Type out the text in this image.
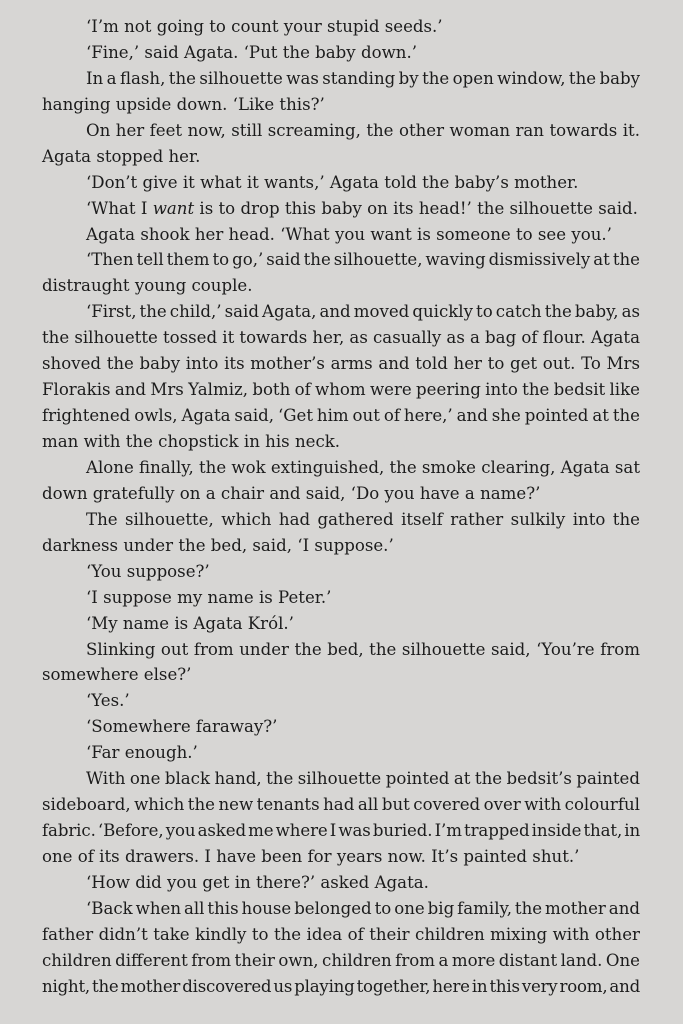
‘I’m not going to count your stupid seeds.’
‘Fine,’ said Agata. ‘Put the baby down.’
In a flash, the silhouette was standing by the open window, the baby
hanging upside down. ‘Like this?’
On her feet now, still screaming, the other woman ran towards it.
Agata stopped her.
‘Don’t give it what it wants,’ Agata told the baby’s mother.
‘What I want is to drop this baby on its head!’ the silhouette said.
Agata shook her head. ‘What you want is someone to see you.’
‘Then tell them to go,’ said the silhouette, waving dismissively at the
distraught young couple.
‘First, the child,’ said Agata, and moved quickly to catch the baby, as
the silhouette tossed it towards her, as casually as a bag of flour. Agata
shoved the baby into its mother’s arms and told her to get out. To Mrs
Florakis and Mrs Yalmiz, both of whom were peering into the bedsit like
frightened owls, Agata said, ‘Get him out of here,’ and she pointed at the
man with the chopstick in his neck.
Alone finally, the wok extinguished, the smoke clearing, Agata sat
down gratefully on a chair and said, ‘Do you have a name?’
The silhouette, which had gathered itself rather sulkily into the
darkness under the bed, said, ‘I suppose.’
‘You suppose?’
‘I suppose my name is Peter.’
‘My name is Agata Król.’
Slinking out from under the bed, the silhouette said, ‘You’re from
somewhere else?’
‘Yes.’
‘Somewhere faraway?’
‘Far enough.’
With one black hand, the silhouette pointed at the bedsit’s painted
sideboard, which the new tenants had all but covered over with colourful
fabric. ‘Before, you asked me where I was buried. I’m trapped inside that, in
one of its drawers. I have been for years now. It’s painted shut.’
‘How did you get in there?’ asked Agata.
‘Back when all this house belonged to one big family, the mother and
father didn’t take kindly to the idea of their children mixing with other
children different from their own, children from a more distant land. One
night, the mother discovered us playing together, here in this very room, and
